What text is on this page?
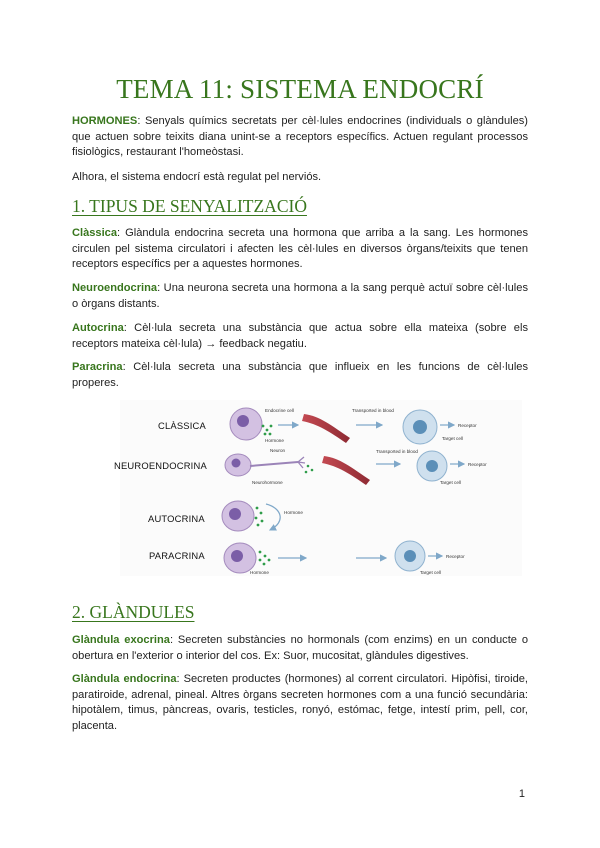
TEMA 11: SISTEMA ENDOCRÍ

HORMONES: Senyals químics secretats per cèl·lules endocrines (individuals o glàndules) que actuen sobre teixits diana unint-se a receptors específics. Actuen regulant processos fisiològics, restaurant l'homeòstasi.

Alhora, el sistema endocrí està regulat pel nerviós.

1. TIPUS DE SENYALITZACIÓ

Clàssica: Glàndula endocrina secreta una hormona que arriba a la sang. Les hormones circulen pel sistema circulatori i afecten les cèl·lules en diversos òrgans/teixits que tenen receptors específics per a aquestes hormones.

Neuroendocrina: Una neurona secreta una hormona a la sang perquè actuï sobre cèl·lules o òrgans distants.

Autocrina: Cèl·lula secreta una substància que actua sobre ella mateixa (sobre els receptors mateixa cèl·lula) → feedback negatiu.

Paracrina: Cèl·lula secreta una substància que influeix en les funcions de cèl·lules properes.

CLÀSSICA
NEUROENDOCRINA
AUTOCRINA
PARACRINA
Endocrine cell
Hormone
Transported in blood
Receptor
Target cell
Neuron
Neurohormone
Transported in blood
Receptor
Target cell
Hormone
Hormone
Receptor
Target cell
2. GLÀNDULES

Glàndula exocrina: Secreten substàncies no hormonals (com enzims) en un conducte o obertura en l'exterior o interior del cos. Ex: Suor, mucositat, glàndules digestives.

Glàndula endocrina: Secreten productes (hormones) al corrent circulatori. Hipòfisi, tiroide, paratiroide, adrenal, pineal. Altres òrgans secreten hormones com a una funció secundària: hipotàlem, timus, pàncreas, ovaris, testicles, ronyó, estómac, fetge, intestí prim, pell, cor, placenta.

1
